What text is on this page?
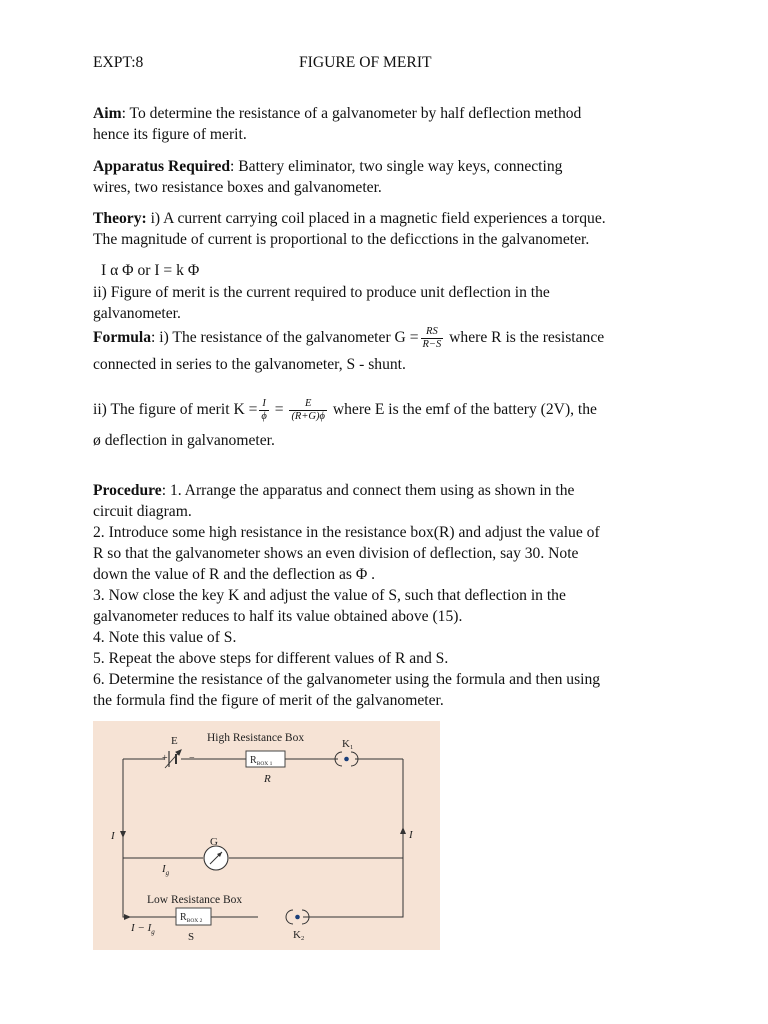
EXPT:8	FIGURE OF MERIT
Aim: To determine the resistance of a galvanometer by half deflection method
hence its figure of merit.
Apparatus Required: Battery eliminator, two single way keys, connecting
wires, two resistance boxes and galvanometer.
Theory: i) A current carrying coil placed in a magnetic field experiences a torque.
The magnitude of current is proportional to the deficctions in the galvanometer.
I α Φ or I = k Φ
ii) Figure of merit is the current required to produce unit deflection in the
galvanometer.
Formula: i) The resistance of the galvanometer $G = \frac{RS}{R-S}$ where R is the resistance
connected in series to the galvanometer, S - shunt.
ii) The figure of merit $K = \frac{I}{\phi} = \frac{E}{(R+G)\phi}$ where E is the emf of the battery (2V), the
ø deflection in galvanometer.
Procedure: 1. Arrange the apparatus and connect them using as shown in the
circuit diagram.
2. Introduce some high resistance in the resistance box(R) and adjust the value of
R so that the galvanometer shows an even division of deflection, say 30. Note
down the value of R and the deflection as Φ .
3. Now close the key K and adjust the value of S, such that deflection in the
galvanometer reduces to half its value obtained above (15).
4. Note this value of S.
5. Repeat the above steps for different values of R and S.
6. Determine the resistance of the galvanometer using the formula and then using
the formula find the figure of merit of the galvanometer.
E
+ −
High Resistance Box
$R_{BOX 1}$
R
K1
I	I
G
$I_g$
Low Resistance Box
$R_{BOX 2}$
S	K2
$I - I_g$
